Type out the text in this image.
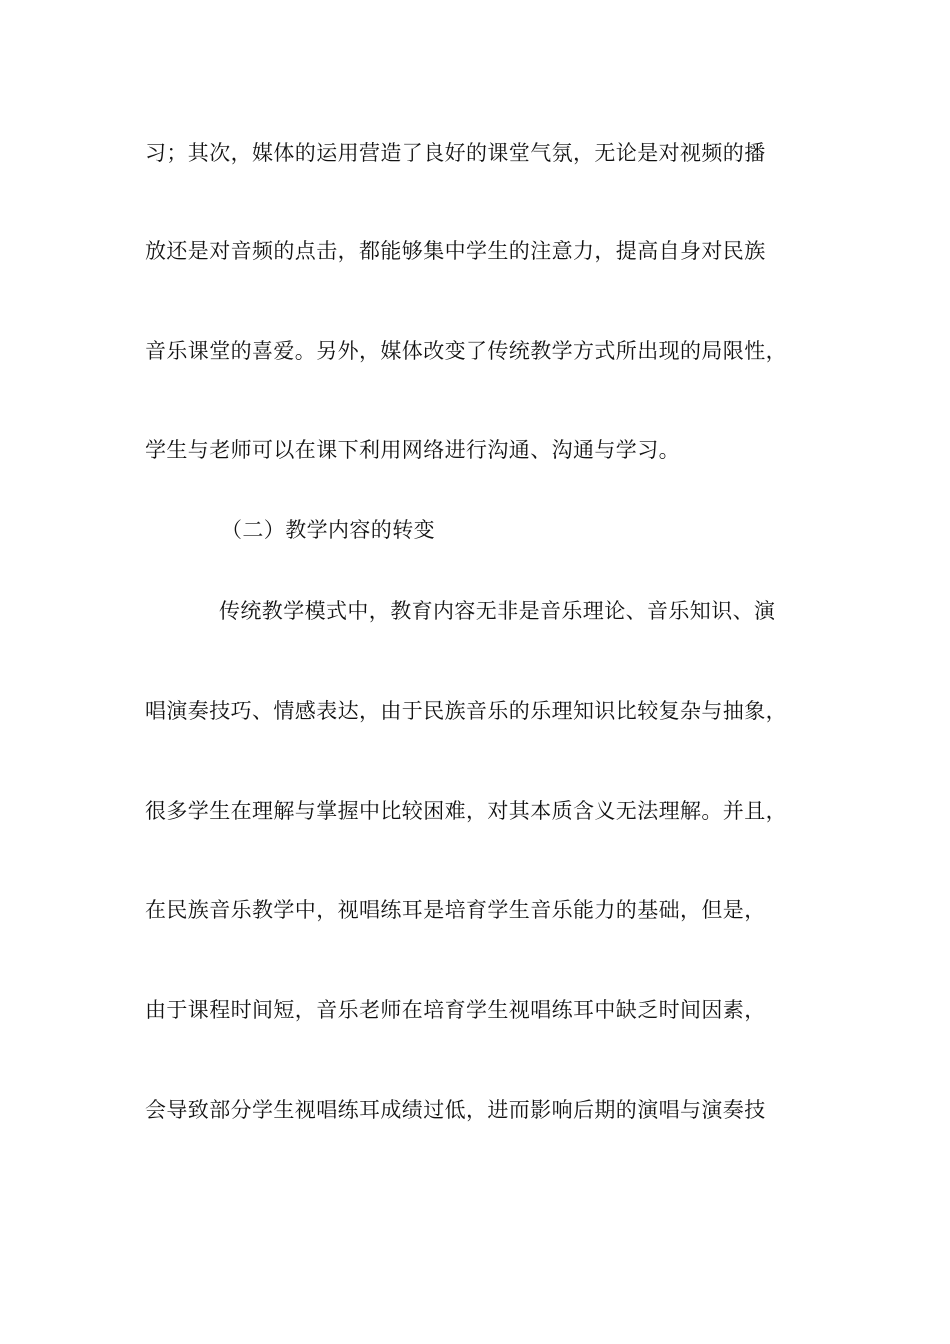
习；其次，媒体的运用营造了良好的课堂气氛，无论是对视频的播
放还是对音频的点击，都能够集中学生的注意力，提高自身对民族
音乐课堂的喜爱。另外，媒体改变了传统教学方式所出现的局限性，
学生与老师可以在课下利用网络进行沟通、沟通与学习。
（二）教学内容的转变
传统教学模式中，教育内容无非是音乐理论、音乐知识、演
唱演奏技巧、情感表达，由于民族音乐的乐理知识比较复杂与抽象，
很多学生在理解与掌握中比较困难，对其本质含义无法理解。并且，
在民族音乐教学中，视唱练耳是培育学生音乐能力的基础，但是，
由于课程时间短，音乐老师在培育学生视唱练耳中缺乏时间因素，
会导致部分学生视唱练耳成绩过低，进而影响后期的演唱与演奏技
